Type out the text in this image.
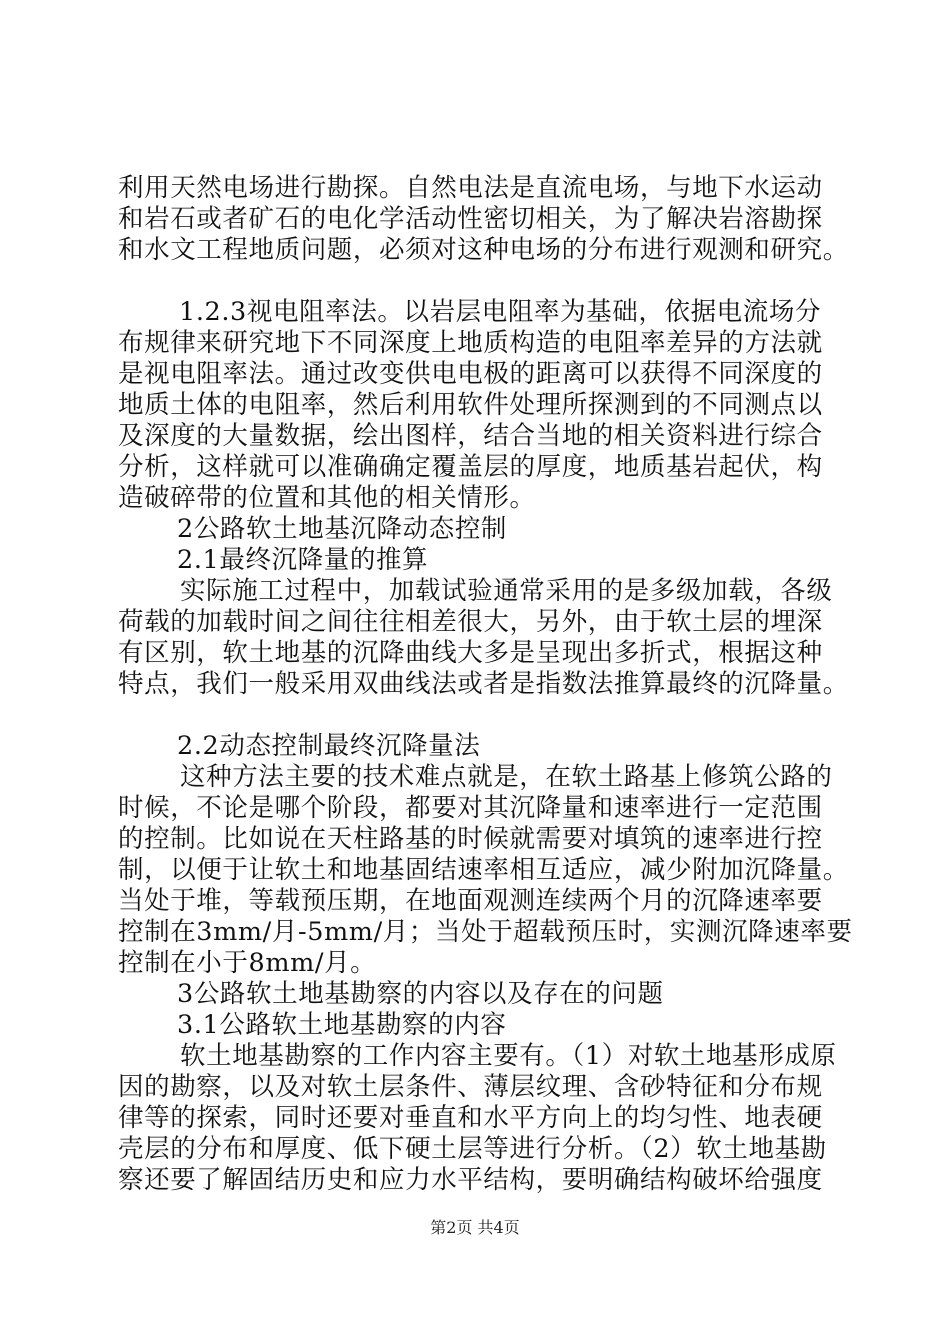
利用天然电场进行勘探。自然电法是直流电场，与地下水运动
和岩石或者矿石的电化学活动性密切相关，为了解决岩溶勘探
和水文工程地质问题，必须对这种电场的分布进行观测和研究。
1.2.3视电阻率法。以岩层电阻率为基础，依据电流场分
布规律来研究地下不同深度上地质构造的电阻率差异的方法就
是视电阻率法。通过改变供电电极的距离可以获得不同深度的
地质土体的电阻率，然后利用软件处理所探测到的不同测点以
及深度的大量数据，绘出图样，结合当地的相关资料进行综合
分析，这样就可以准确确定覆盖层的厚度，地质基岩起伏，构
造破碎带的位置和其他的相关情形。
2公路软土地基沉降动态控制
2.1最终沉降量的推算
实际施工过程中，加载试验通常采用的是多级加载，各级
荷载的加载时间之间往往相差很大，另外，由于软土层的埋深
有区别，软土地基的沉降曲线大多是呈现出多折式，根据这种
特点，我们一般采用双曲线法或者是指数法推算最终的沉降量。
2.2动态控制最终沉降量法
这种方法主要的技术难点就是，在软土路基上修筑公路的
时候，不论是哪个阶段，都要对其沉降量和速率进行一定范围
的控制。比如说在天柱路基的时候就需要对填筑的速率进行控
制，以便于让软土和地基固结速率相互适应，减少附加沉降量。
当处于堆，等载预压期，在地面观测连续两个月的沉降速率要
控制在3mm/月-5mm/月；当处于超载预压时，实测沉降速率要
控制在小于8mm/月。
3公路软土地基勘察的内容以及存在的问题
3.1公路软土地基勘察的内容
软土地基勘察的工作内容主要有。（1）对软土地基形成原
因的勘察，以及对软土层条件、薄层纹理、含砂特征和分布规
律等的探索，同时还要对垂直和水平方向上的均匀性、地表硬
壳层的分布和厚度、低下硬土层等进行分析。（2）软土地基勘
察还要了解固结历史和应力水平结构，要明确结构破坏给强度
第2页 共4页
